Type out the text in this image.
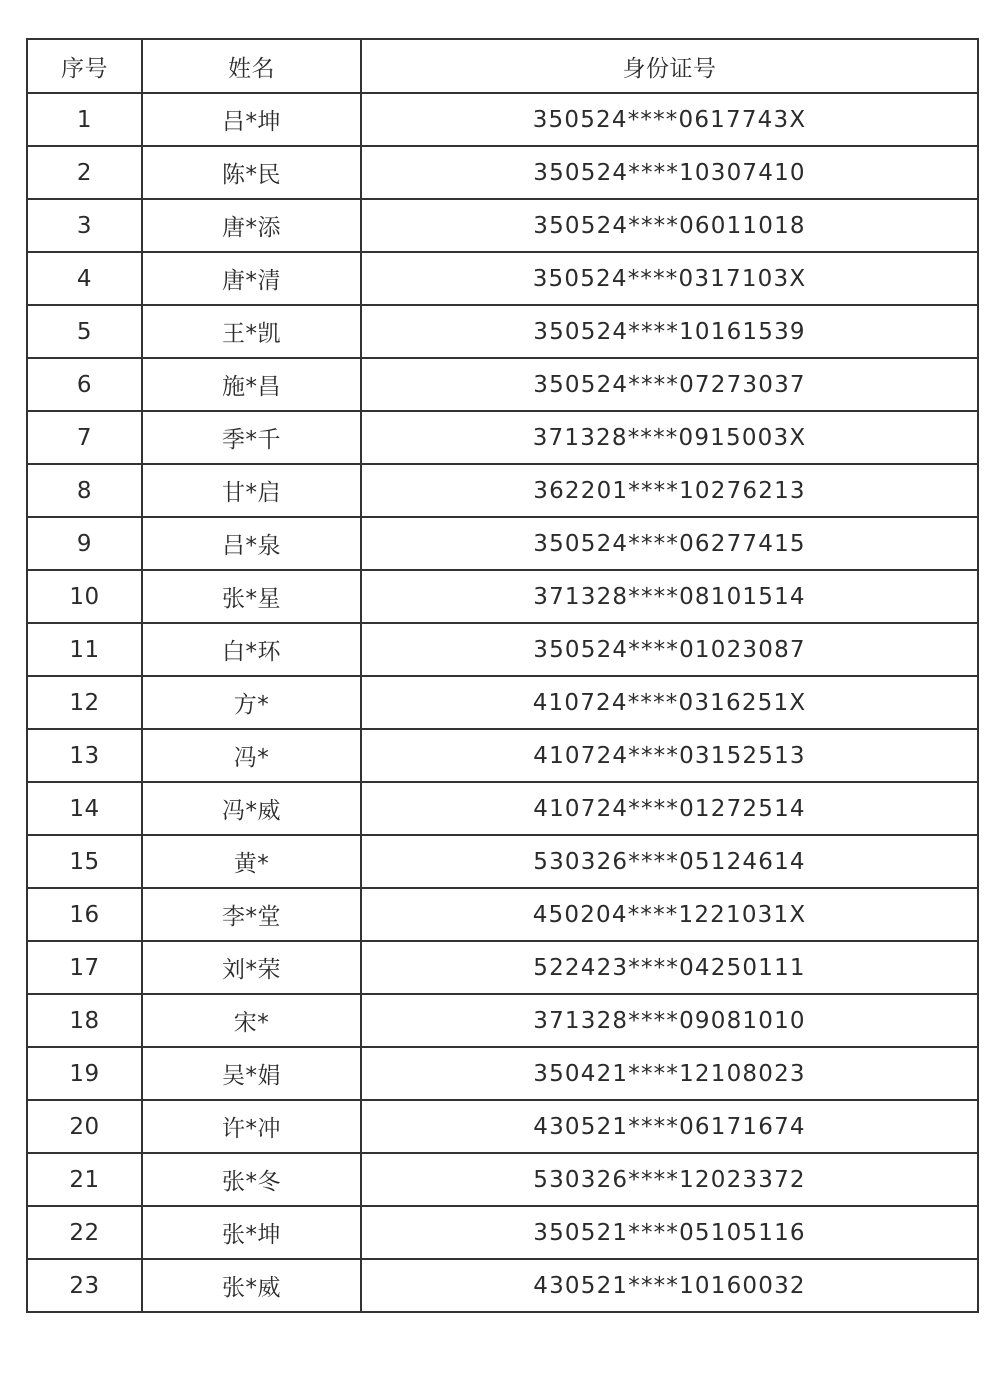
序号	姓名	身份证号
1	吕*坤	350524****0617743X
2	陈*民	350524****10307410
3	唐*添	350524****06011018
4	唐*清	350524****0317103X
5	王*凯	350524****10161539
6	施*昌	350524****07273037
7	季*千	371328****0915003X
8	甘*启	362201****10276213
9	吕*泉	350524****06277415
10	张*星	371328****08101514
11	白*环	350524****01023087
12	方*	410724****0316251X
13	冯*	410724****03152513
14	冯*威	410724****01272514
15	黄*	530326****05124614
16	李*堂	450204****1221031X
17	刘*荣	522423****04250111
18	宋*	371328****09081010
19	吴*娟	350421****12108023
20	许*冲	430521****06171674
21	张*冬	530326****12023372
22	张*坤	350521****05105116
23	张*威	430521****10160032
